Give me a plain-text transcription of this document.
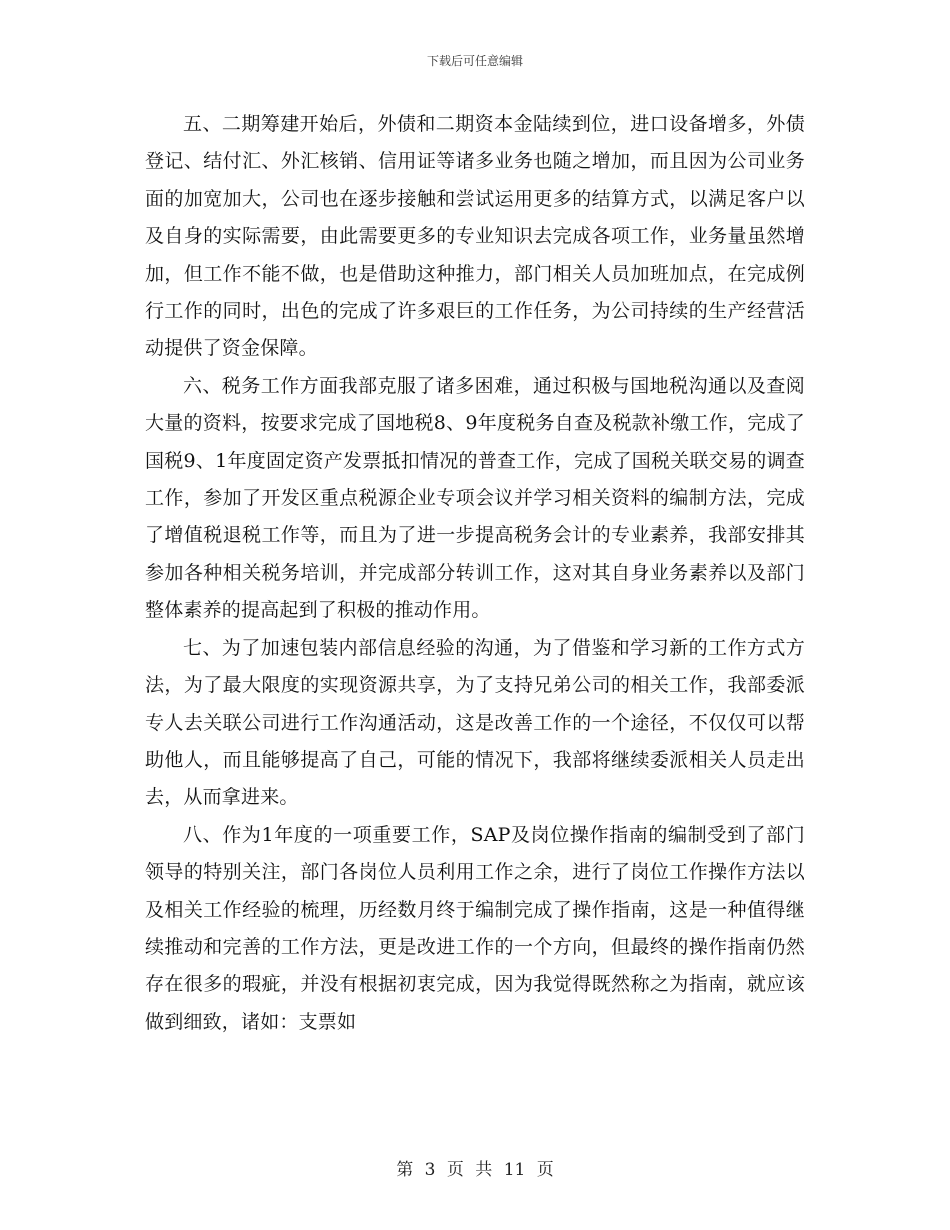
下载后可任意编辑

五、二期筹建开始后，外债和二期资本金陆续到位，进口设备增多，外债登记、结付汇、外汇核销、信用证等诸多业务也随之增加，而且因为公司业务面的加宽加大，公司也在逐步接触和尝试运用更多的结算方式，以满足客户以及自身的实际需要，由此需要更多的专业知识去完成各项工作，业务量虽然增加，但工作不能不做，也是借助这种推力，部门相关人员加班加点，在完成例行工作的同时，出色的完成了许多艰巨的工作任务，为公司持续的生产经营活动提供了资金保障。

六、税务工作方面我部克服了诸多困难，通过积极与国地税沟通以及查阅大量的资料，按要求完成了国地税8、9年度税务自查及税款补缴工作，完成了国税9、1年度固定资产发票抵扣情况的普查工作，完成了国税关联交易的调查工作，参加了开发区重点税源企业专项会议并学习相关资料的编制方法，完成了增值税退税工作等，而且为了进一步提高税务会计的专业素养，我部安排其参加各种相关税务培训，并完成部分转训工作，这对其自身业务素养以及部门整体素养的提高起到了积极的推动作用。

七、为了加速包装内部信息经验的沟通，为了借鉴和学习新的工作方式方法，为了最大限度的实现资源共享，为了支持兄弟公司的相关工作，我部委派专人去关联公司进行工作沟通活动，这是改善工作的一个途径，不仅仅可以帮助他人，而且能够提高了自己，可能的情况下，我部将继续委派相关人员走出去，从而拿进来。

八、作为1年度的一项重要工作，SAP及岗位操作指南的编制受到了部门领导的特别关注，部门各岗位人员利用工作之余，进行了岗位工作操作方法以及相关工作经验的梳理，历经数月终于编制完成了操作指南，这是一种值得继续推动和完善的工作方法，更是改进工作的一个方向，但最终的操作指南仍然存在很多的瑕疵，并没有根据初衷完成，因为我觉得既然称之为指南，就应该做到细致，诸如：支票如

第 3 页 共 11 页
